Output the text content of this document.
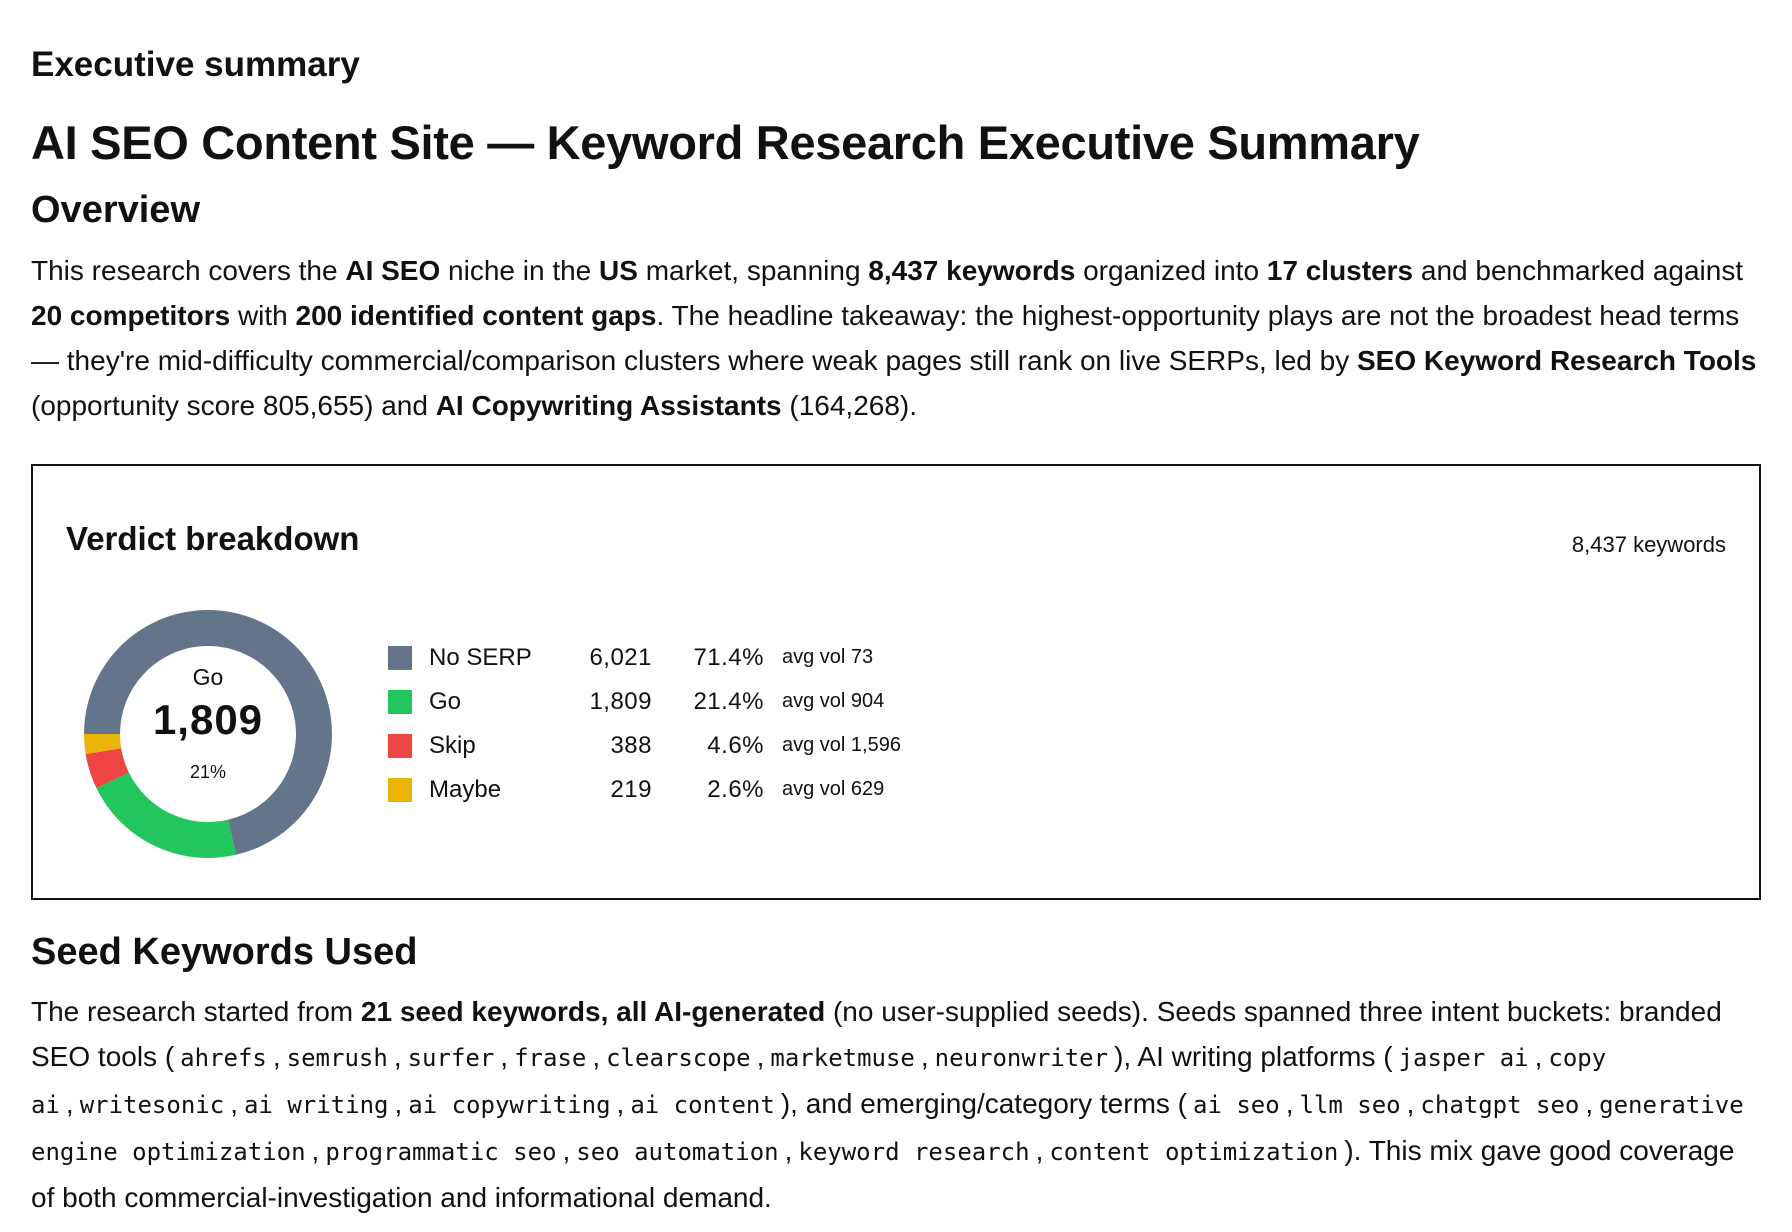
Executive summary
AI SEO Content Site — Keyword Research Executive Summary
Overview

This research covers the AI SEO niche in the US market, spanning 8,437 keywords organized into 17 clusters and benchmarked against 20 competitors with 200 identified content gaps. The headline takeaway: the highest-opportunity plays are not the broadest head terms — they're mid-difficulty commercial/comparison clusters where weak pages still rank on live SERPs, led by SEO Keyword Research Tools (opportunity score 805,655) and AI Copywriting Assistants (164,268).

Verdict breakdown	8,437 keywords
Go
1,809
21%
No SERP	6,021	71.4% avg vol 73
Go	1,809	21.4% avg vol 904
Skip	388	4.6% avg vol 1,596
Maybe	219	2.6% avg vol 629
Seed Keywords Used

The research started from 21 seed keywords, all AI-generated (no user-supplied seeds). Seeds spanned three intent buckets: branded SEO tools ( ahrefs , semrush , surfer , frase , clearscope , marketmuse , neuronwriter ), AI writing platforms ( jasper ai , copy ai , writesonic , ai writing , ai copywriting , ai content ), and emerging/category terms ( ai seo , llm seo , chatgpt seo , generative engine optimization , programmatic seo , seo automation , keyword research , content optimization ). This mix gave good coverage of both commercial-investigation and informational demand.
